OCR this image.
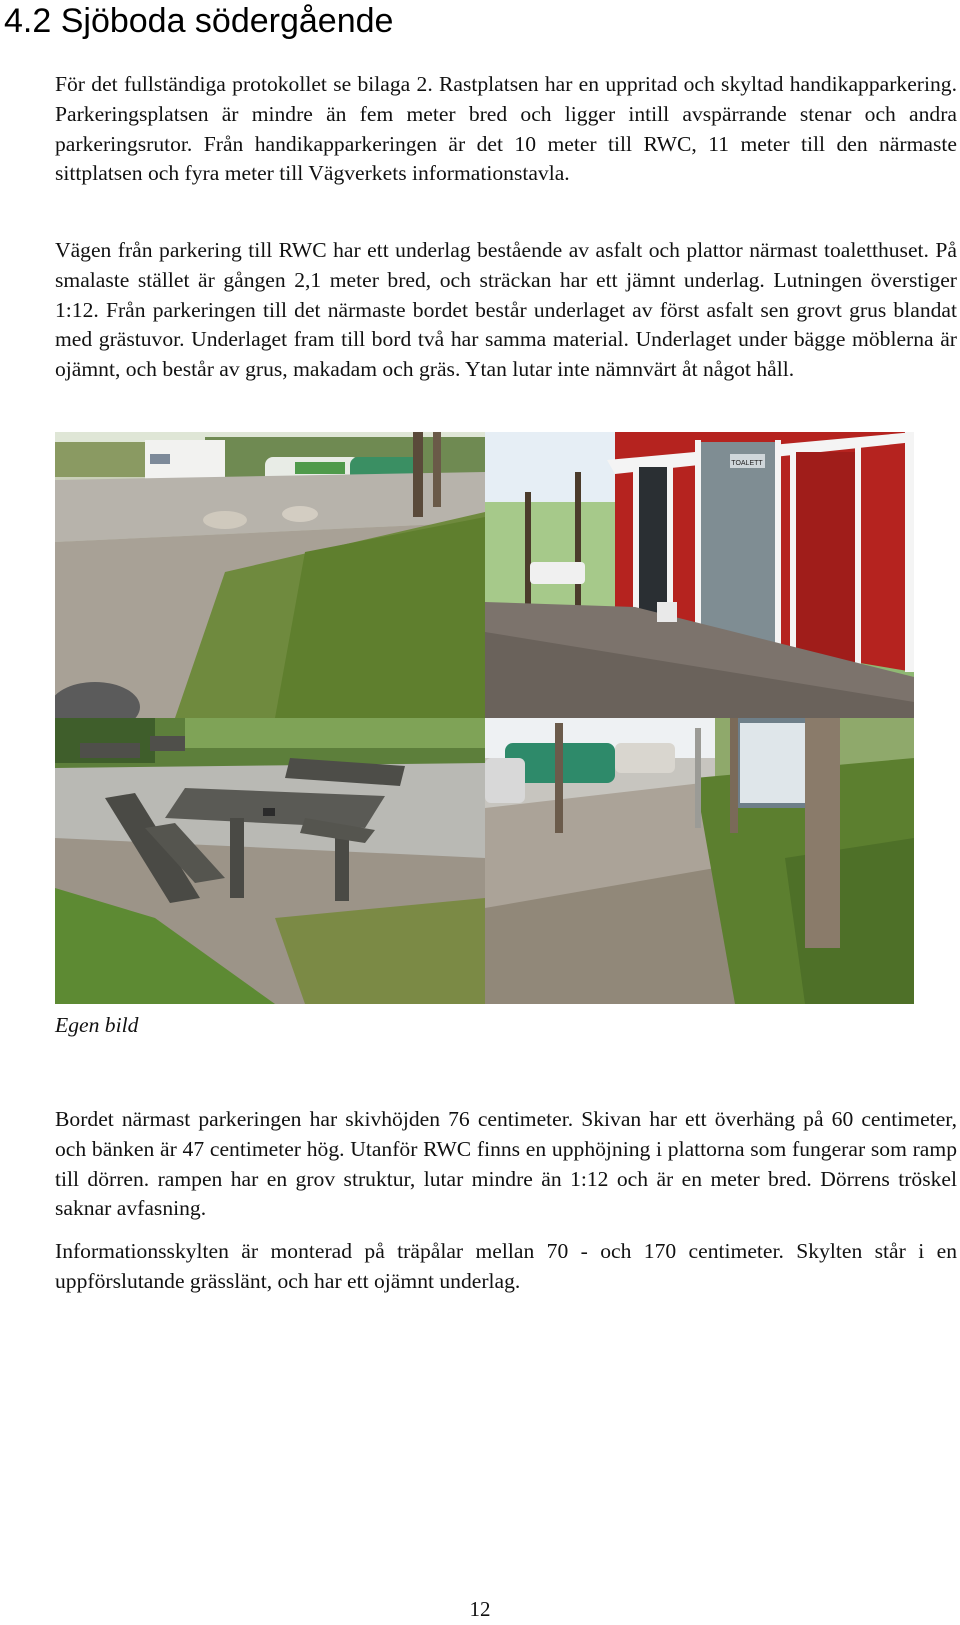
4.2 Sjöboda södergående

För det fullständiga protokollet se bilaga 2. Rastplatsen har en uppritad och skyltad handikapparkering. Parkeringsplatsen är mindre än fem meter bred och ligger intill avspärrande stenar och andra parkeringsrutor. Från handikapparkeringen är det 10 meter till RWC, 11 meter till den närmaste sittplatsen och fyra meter till Vägverkets informationstavla.

Vägen från parkering till RWC har ett underlag bestående av asfalt och plattor närmast toaletthuset. På smalaste stället är gången 2,1 meter bred, och sträckan har ett jämnt underlag. Lutningen överstiger 1:12. Från parkeringen till det närmaste bordet består underlaget av först asfalt sen grovt grus blandat med grästuvor. Underlaget fram till bord två har samma material. Underlaget under bägge möblerna är ojämnt, och består av grus, makadam och gräs. Ytan lutar inte nämnvärt åt något håll.

TOALETT

Egen bild

Bordet närmast parkeringen har skivhöjden 76 centimeter. Skivan har ett överhäng på 60 centimeter, och bänken är 47 centimeter hög. Utanför RWC finns en upphöjning i plattorna som fungerar som ramp till dörren. rampen har en grov struktur, lutar mindre än 1:12 och är en meter bred. Dörrens tröskel saknar avfasning.

Informationsskylten är monterad på träpålar mellan 70 - och 170 centimeter. Skylten står i en uppförslutande grässlänt, och har ett ojämnt underlag.

12
